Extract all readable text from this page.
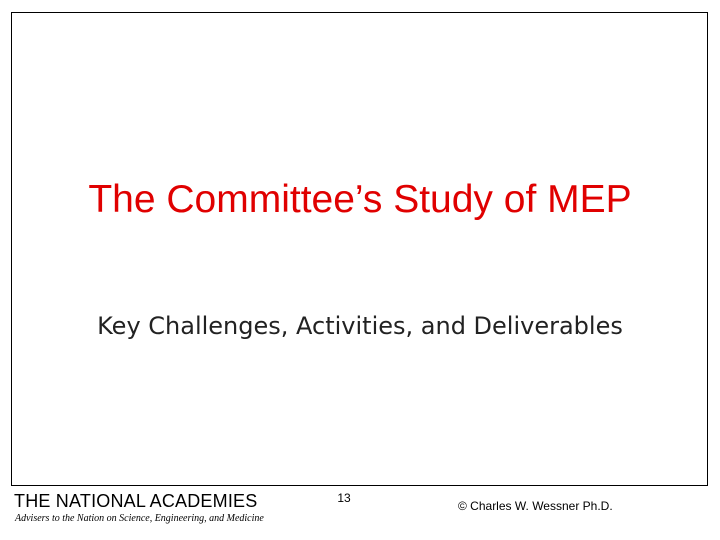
The Committee’s Study of MEP

Key Challenges, Activities, and Deliverables

THE NATIONAL ACADEMIES
Advisers to the Nation on Science, Engineering, and Medicine
13
© Charles W. Wessner Ph.D.
